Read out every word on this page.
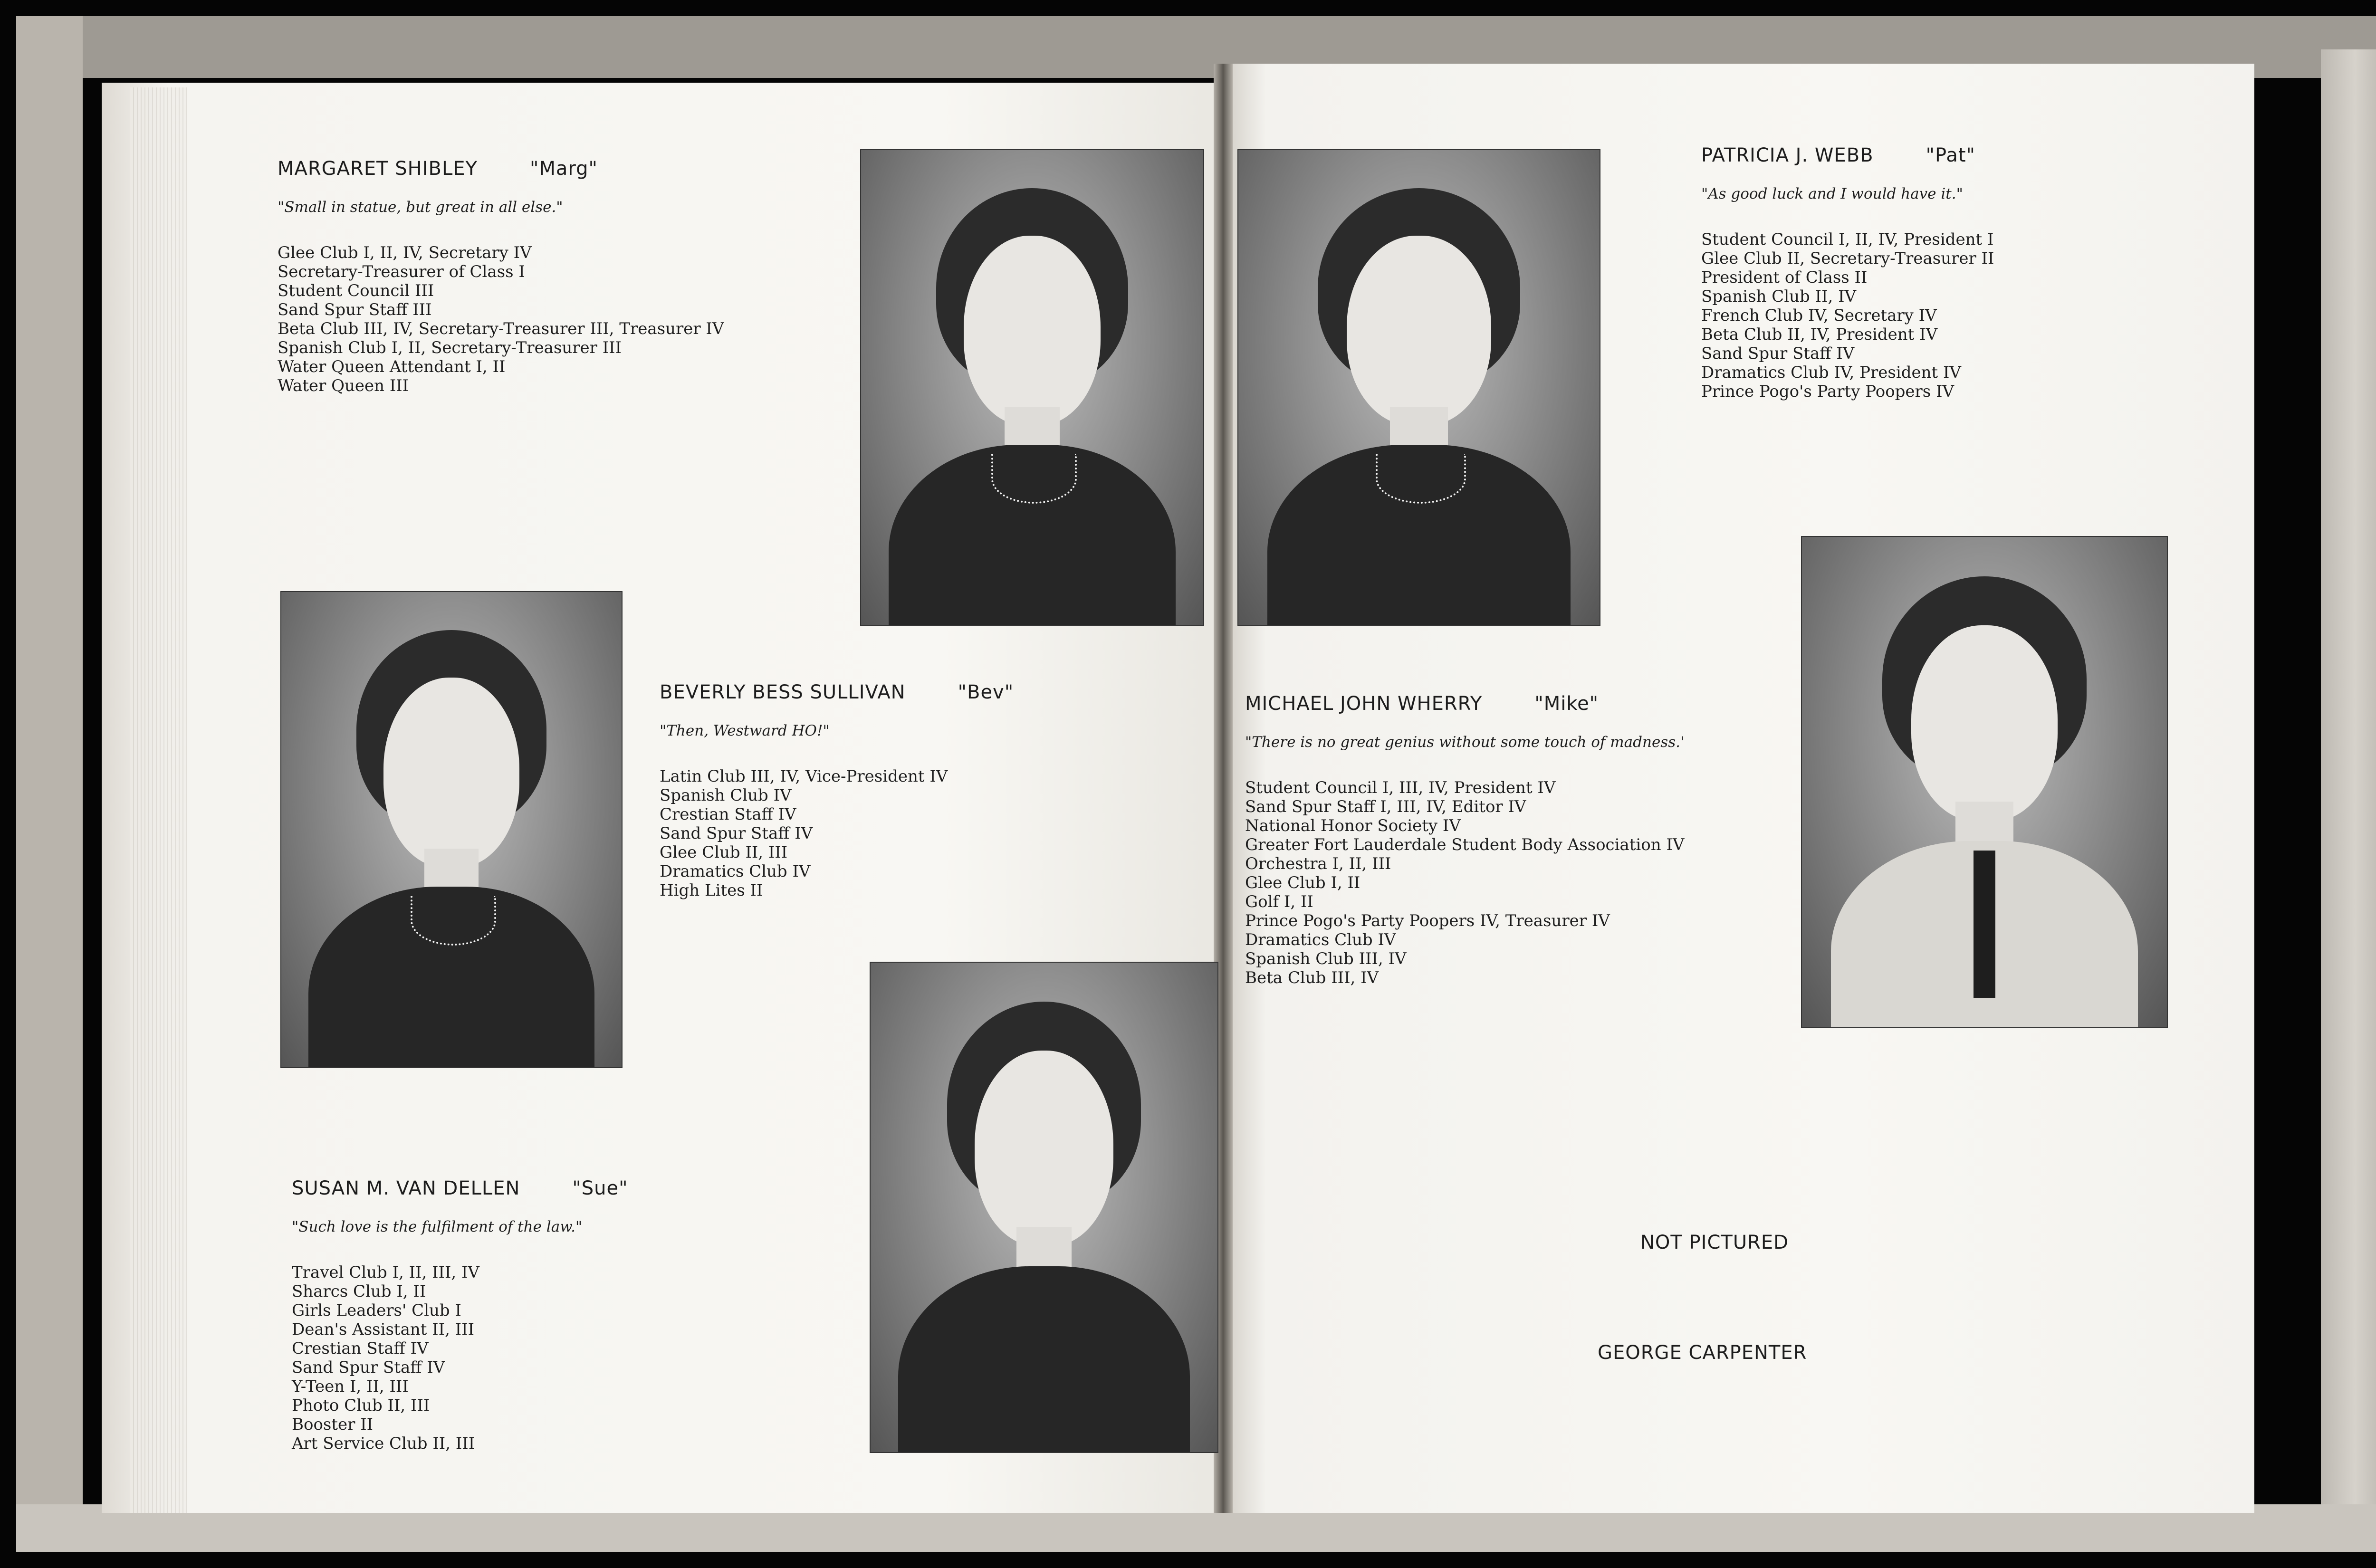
MARGARET SHIBLEY	"Marg"
"Small in statue, but great in all else."
Glee Club I, II, IV, Secretary IV
Secretary-Treasurer of Class I
Student Council III
Sand Spur Staff III
Beta Club III, IV, Secretary-Treasurer III, Treasurer IV
Spanish Club I, II, Secretary-Treasurer III
Water Queen Attendant I, II
Water Queen III
BEVERLY BESS SULLIVAN	"Bev"
"Then, Westward HO!"
Latin Club III, IV, Vice-President IV
Spanish Club IV
Crestian Staff IV
Sand Spur Staff IV
Glee Club II, III
Dramatics Club IV
High Lites II
SUSAN M. VAN DELLEN	"Sue"
"Such love is the fulfilment of the law."
Travel Club I, II, III, IV
Sharcs Club I, II
Girls Leaders' Club I
Dean's Assistant II, III
Crestian Staff IV
Sand Spur Staff IV
Y-Teen I, II, III
Photo Club II, III
Booster II
Art Service Club II, III
PATRICIA J. WEBB	"Pat"
"As good luck and I would have it."
Student Council I, II, IV, President I
Glee Club II, Secretary-Treasurer II
President of Class II
Spanish Club II, IV
French Club IV, Secretary IV
Beta Club II, IV, President IV
Sand Spur Staff IV
Dramatics Club IV, President IV
Prince Pogo's Party Poopers IV
MICHAEL JOHN WHERRY	"Mike"
"There is no great genius without some touch of madness.'
Student Council I, III, IV, President IV
Sand Spur Staff I, III, IV, Editor IV
National Honor Society IV
Greater Fort Lauderdale Student Body Association IV
Orchestra I, II, III
Glee Club I, II
Golf I, II
Prince Pogo's Party Poopers IV, Treasurer IV
Dramatics Club IV
Spanish Club III, IV
Beta Club III, IV
NOT PICTURED
GEORGE CARPENTER
